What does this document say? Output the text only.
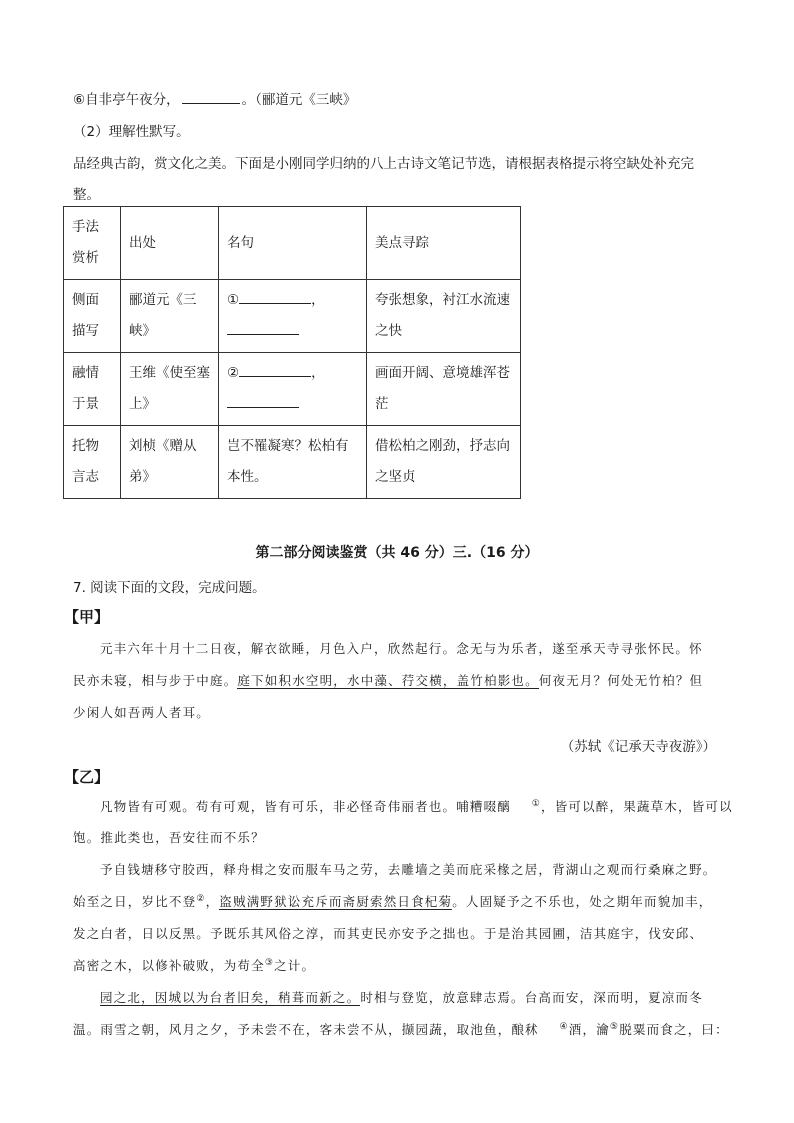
⑥自非亭午夜分，	。（郦道元《三峡》
（2）理解性默写。
品经典古韵，赏文化之美。下面是小刚同学归纳的八上古诗文笔记节选，请根据表格提示将空缺处补充完
整。
手法赏析	出处	名句	美点寻踪
侧面描写	郦道元《三峡》	① ，	夸张想象，衬江水流速之快
融情于景	王维《使至塞上》	② ，	画面开阔、意境雄浑苍茫
托物言志	刘桢《赠从弟》	岂不罹凝寒？松柏有本性。	借松柏之刚劲，抒志向之坚贞
第二部分阅读鉴赏（共 46 分）三.（16 分）
7. 阅读下面的文段，完成问题。
【甲】
元丰六年十月十二日夜，解衣欲睡，月色入户，欣然起行。念无与为乐者，遂至承天寺寻张怀民。怀
民亦未寝，相与步于中庭。庭下如积水空明，水中藻、荇交横，盖竹柏影也。何夜无月？何处无竹柏？但
少闲人如吾两人者耳。
（苏轼《记承天寺夜游》）
【乙】
凡物皆有可观。苟有可观，皆有可乐，非必怪奇伟丽者也。哺糟啜醨 ①，皆可以醉，果蔬草木，皆可以
饱。推此类也，吾安往而不乐？
予自钱塘移守胶西，释舟楫之安而服车马之劳，去雕墙之美而庇采椽之居，背湖山之观而行桑麻之野。
始至之日，岁比不登②，盗贼满野狱讼充斥而斋厨索然日食杞菊。人固疑予之不乐也，处之期年而貌加丰，
发之白者，日以反黑。予既乐其风俗之淳，而其吏民亦安予之拙也。于是治其园圃，洁其庭宇，伐安邱、
高密之木，以修补破败，为苟全③之计。
园之北，因城以为台者旧矣，稍葺而新之。时相与登览，放意肆志焉。台高而安，深而明，夏凉而冬
温。雨雪之朝，风月之夕，予未尝不在，客未尝不从，撷园蔬，取池鱼，酿秫 ④酒，瀹⑤脱粟而食之，曰：
